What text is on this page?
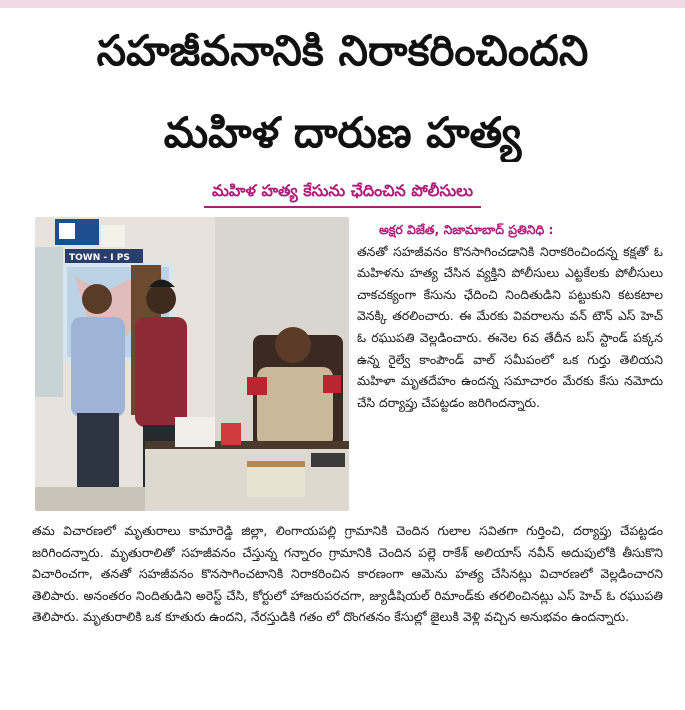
సహజీవనానికి నిరాకరించిందని
మహిళ దారుణ హత్య
మహిళ హత్య కేసును ఛేదించిన పోలీసులు
TOWN - I PS

అక్షర విజేత, నిజామాబాద్ ప్రతినిధి :
తనతో సహజీవనం కొనసాగించడానికి నిరాకరించిందన్న కక్షతో ఓ మహిళను హత్య చేసిన వ్యక్తిని పోలీసులు ఎట్టకేలకు పోలీసులు చాకచక్యంగా కేసును ఛేదించి నిందితుడిని పట్టుకుని కటకటాల వెనక్కి తరలించారు. ఈ మేరకు వివరాలను వన్ టౌన్ ఎస్ హెచ్ ఓ రఘుపతి వెల్లడించారు. ఈనెల 6వ తేదీన బస్ స్టాండ్ పక్కన ఉన్న రైల్వే కాంపౌండ్ వాల్ సమీపంలో ఒక గుర్తు తెలియని మహిళా మృతదేహం ఉందన్న సమాచారం మేరకు కేసు నమోదు చేసి దర్యాప్తు చేపట్టడం జరిగిందన్నారు.

తమ విచారణలో మృతురాలు కామారెడ్డి జిల్లా, లింగాయపల్లి గ్రామానికి చెందిన గులాల సవితగా గుర్తించి, దర్యాప్తు చేపట్టడం జరిగిందన్నారు. మృతురాలితో సహజీవనం చేస్తున్న గన్నారం గ్రామానికి చెందిన పల్లె రాకేశ్ అలియాస్ నవీన్ అదుపులోకి తీసుకొని విచారించగా, తనతో సహజీవనం కొనసాగించటానికి నిరాకరించిన కారణంగా ఆమెను హత్య చేసినట్లు విచారణలో వెల్లడించారని తెలిపారు. అనంతరం నిందితుడిని అరెస్ట్ చేసి, కోర్టులో హాజరుపరచగా, జ్యుడీషియల్ రిమాండ్‌కు తరలించినట్లు ఎస్ హెచ్ ఓ రఘుపతి తెలిపారు. మృతురాలికి ఒక కూతురు ఉందని, నేరస్తుడికి గతం లో దొంగతనం కేసుల్లో జైలుకి వెళ్లి వచ్చిన అనుభవం ఉందన్నారు.
